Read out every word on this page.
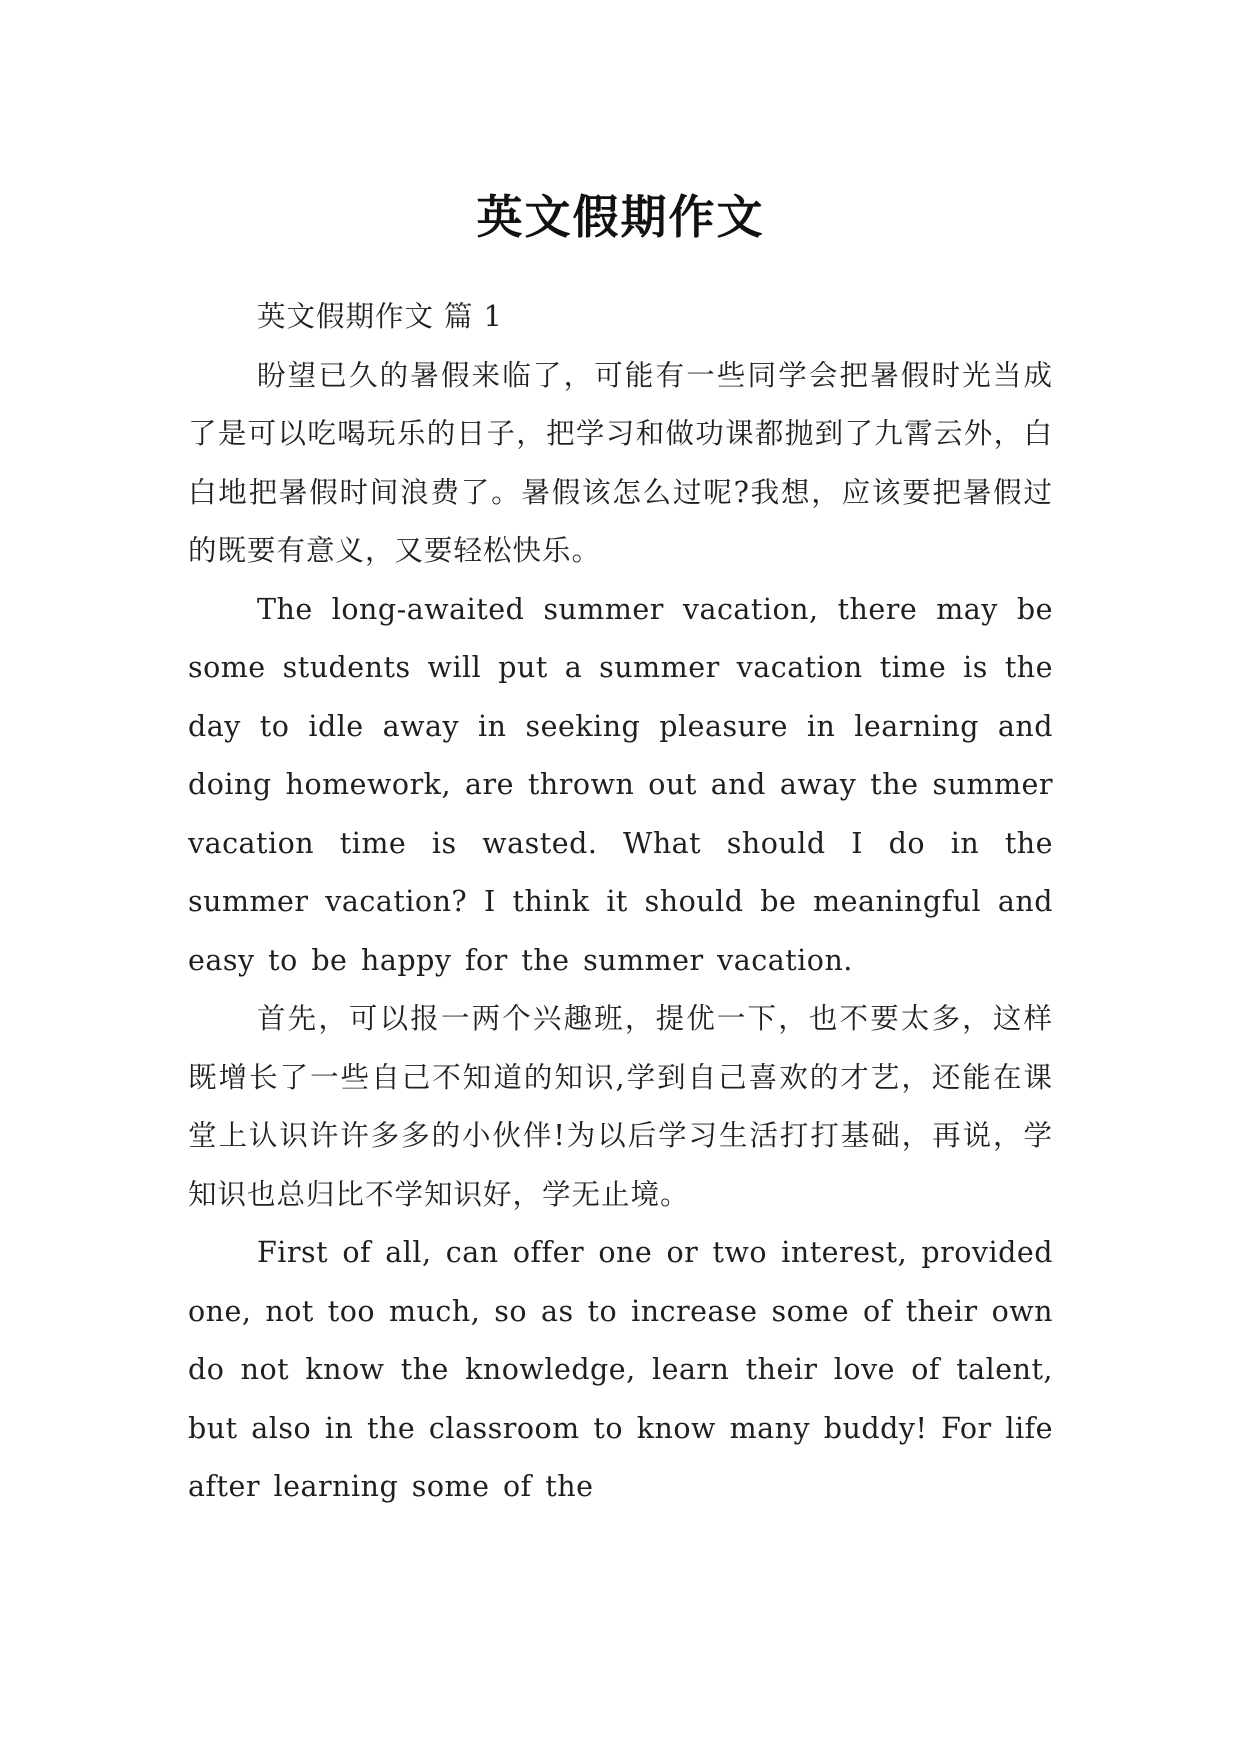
英文假期作文

英文假期作文 篇 1

盼望已久的暑假来临了，可能有一些同学会把暑假时光当成了是可以吃喝玩乐的日子，把学习和做功课都抛到了九霄云外，白白地把暑假时间浪费了。暑假该怎么过呢?我想，应该要把暑假过的既要有意义，又要轻松快乐。

The long-awaited summer vacation, there may be some students will put a summer vacation time is the day to idle away in seeking pleasure in learning and doing homework, are thrown out and away the summer vacation time is wasted. What should I do in the summer vacation? I think it should be meaningful and easy to be happy for the summer vacation.

首先，可以报一两个兴趣班，提优一下，也不要太多，这样既增长了一些自己不知道的知识,学到自己喜欢的才艺，还能在课堂上认识许许多多的小伙伴!为以后学习生活打打基础，再说，学知识也总归比不学知识好，学无止境。

First of all, can offer one or two interest, provided one, not too much, so as to increase some of their own do not know the knowledge, learn their love of talent, but also in the classroom to know many buddy! For life after learning some of the
